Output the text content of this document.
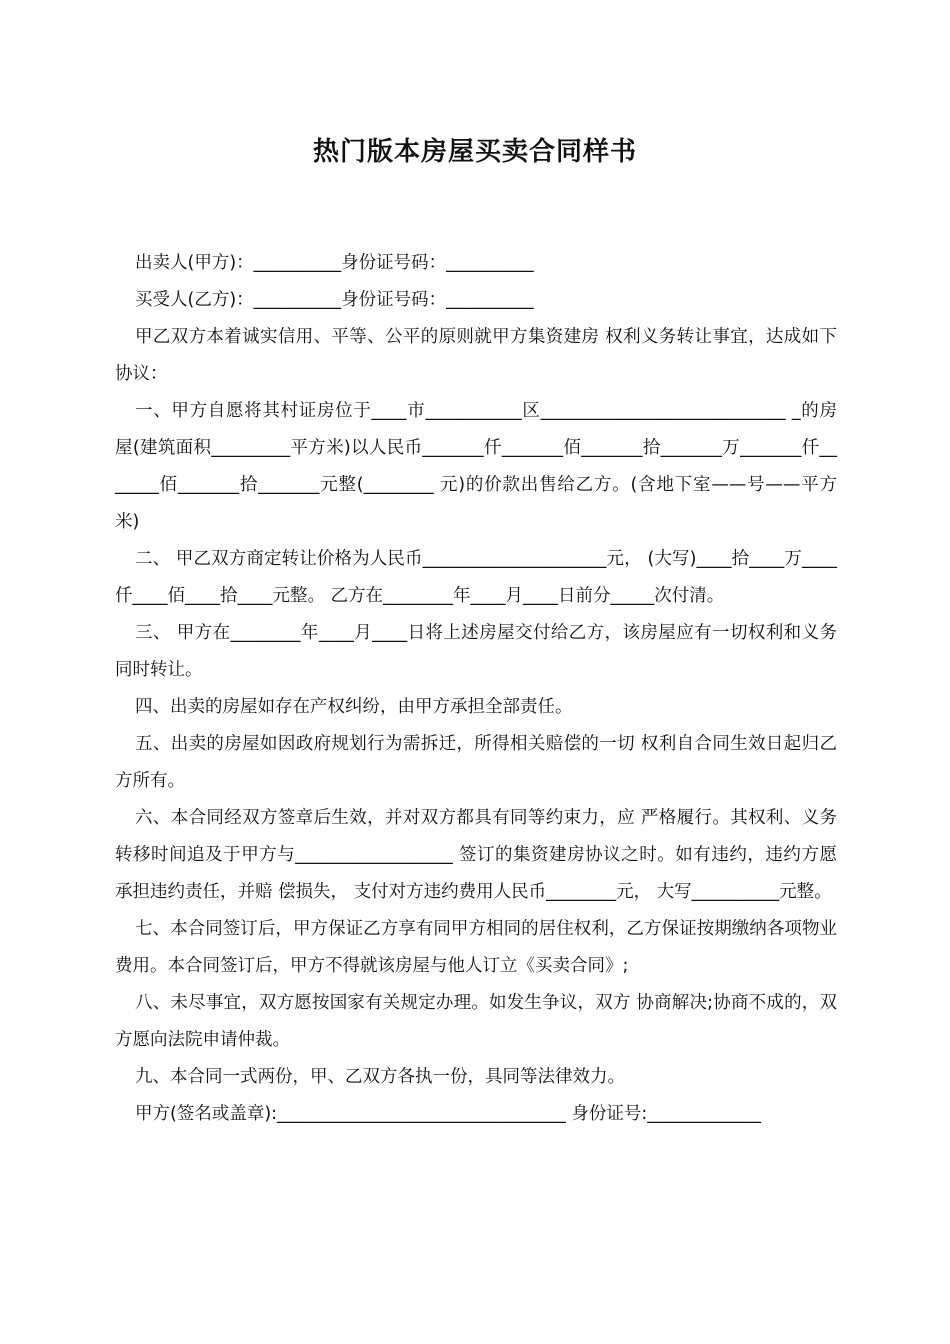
热门版本房屋买卖合同样书

出卖人(甲方)：__________身份证号码：__________

买受人(乙方)：__________身份证号码：__________

甲乙双方本着诚实信用、平等、公平的原则就甲方集资建房 权利义务转让事宜，达成如下协议：

一、甲方自愿将其村证房位于____市___________区____________________________ _的房屋(建筑面积_________平方米)以人民币_______仟_______佰_______拾_______万_______仟_______佰_______拾_______元整(________ 元)的价款出售给乙方。(含地下室——号——平方米)

二、 甲乙双方商定转让价格为人民币_____________________元， (大写)____拾____万____仟____佰____拾____元整。 乙方在________年____月____日前分_____次付清。

三、 甲方在________年____月____日将上述房屋交付给乙方，该房屋应有一切权利和义务同时转让。

四、出卖的房屋如存在产权纠纷，由甲方承担全部责任。

五、出卖的房屋如因政府规划行为需拆迁，所得相关赔偿的一切 权利自合同生效日起归乙方所有。

六、本合同经双方签章后生效，并对双方都具有同等约束力，应 严格履行。其权利、义务转移时间追及于甲方与__________________ 签订的集资建房协议之时。如有违约，违约方愿承担违约责任，并赔 偿损失， 支付对方违约费用人民币________元， 大写__________元整。

七、本合同签订后，甲方保证乙方享有同甲方相同的居住权利，乙方保证按期缴纳各项物业费用。本合同签订后，甲方不得就该房屋与他人订立《买卖合同》;

八、未尽事宜，双方愿按国家有关规定办理。如发生争议，双方 协商解决;协商不成的，双方愿向法院申请仲裁。

九、本合同一式两份，甲、乙双方各执一份，具同等法律效力。

甲方(签名或盖章):_________________________________ 身份证号:_____________
